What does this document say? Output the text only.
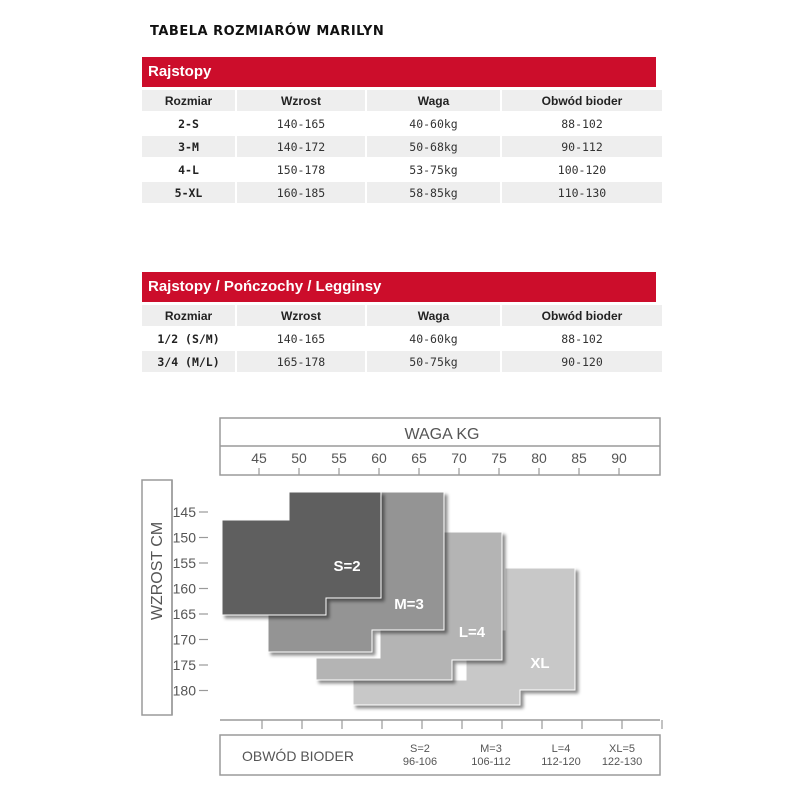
TABELA ROZMIARÓW MARILYN
Rajstopy
Rozmiar	Wzrost	Waga	Obwód bioder
2-S	140-165	40-60kg	88-102
3-M	140-172	50-68kg	90-112
4-L	150-178	53-75kg	100-120
5-XL	160-185	58-85kg	110-130
Rajstopy / Pończochy / Legginsy
Rozmiar	Wzrost	Waga	Obwód bioder
1/2 (S/M)	140-165	40-60kg	88-102
3/4 (M/L)	165-178	50-75kg	90-120
WAGA KG
WZROST CM
OBWÓD BIODER
45 50 55 60 65 70 75 80 85 90
145
150
155
160
165
170
175
180
S=2
96-106
M=3
106-112
L=4
112-120
XL=5
122-130
S=2
M=3
L=4
XL
